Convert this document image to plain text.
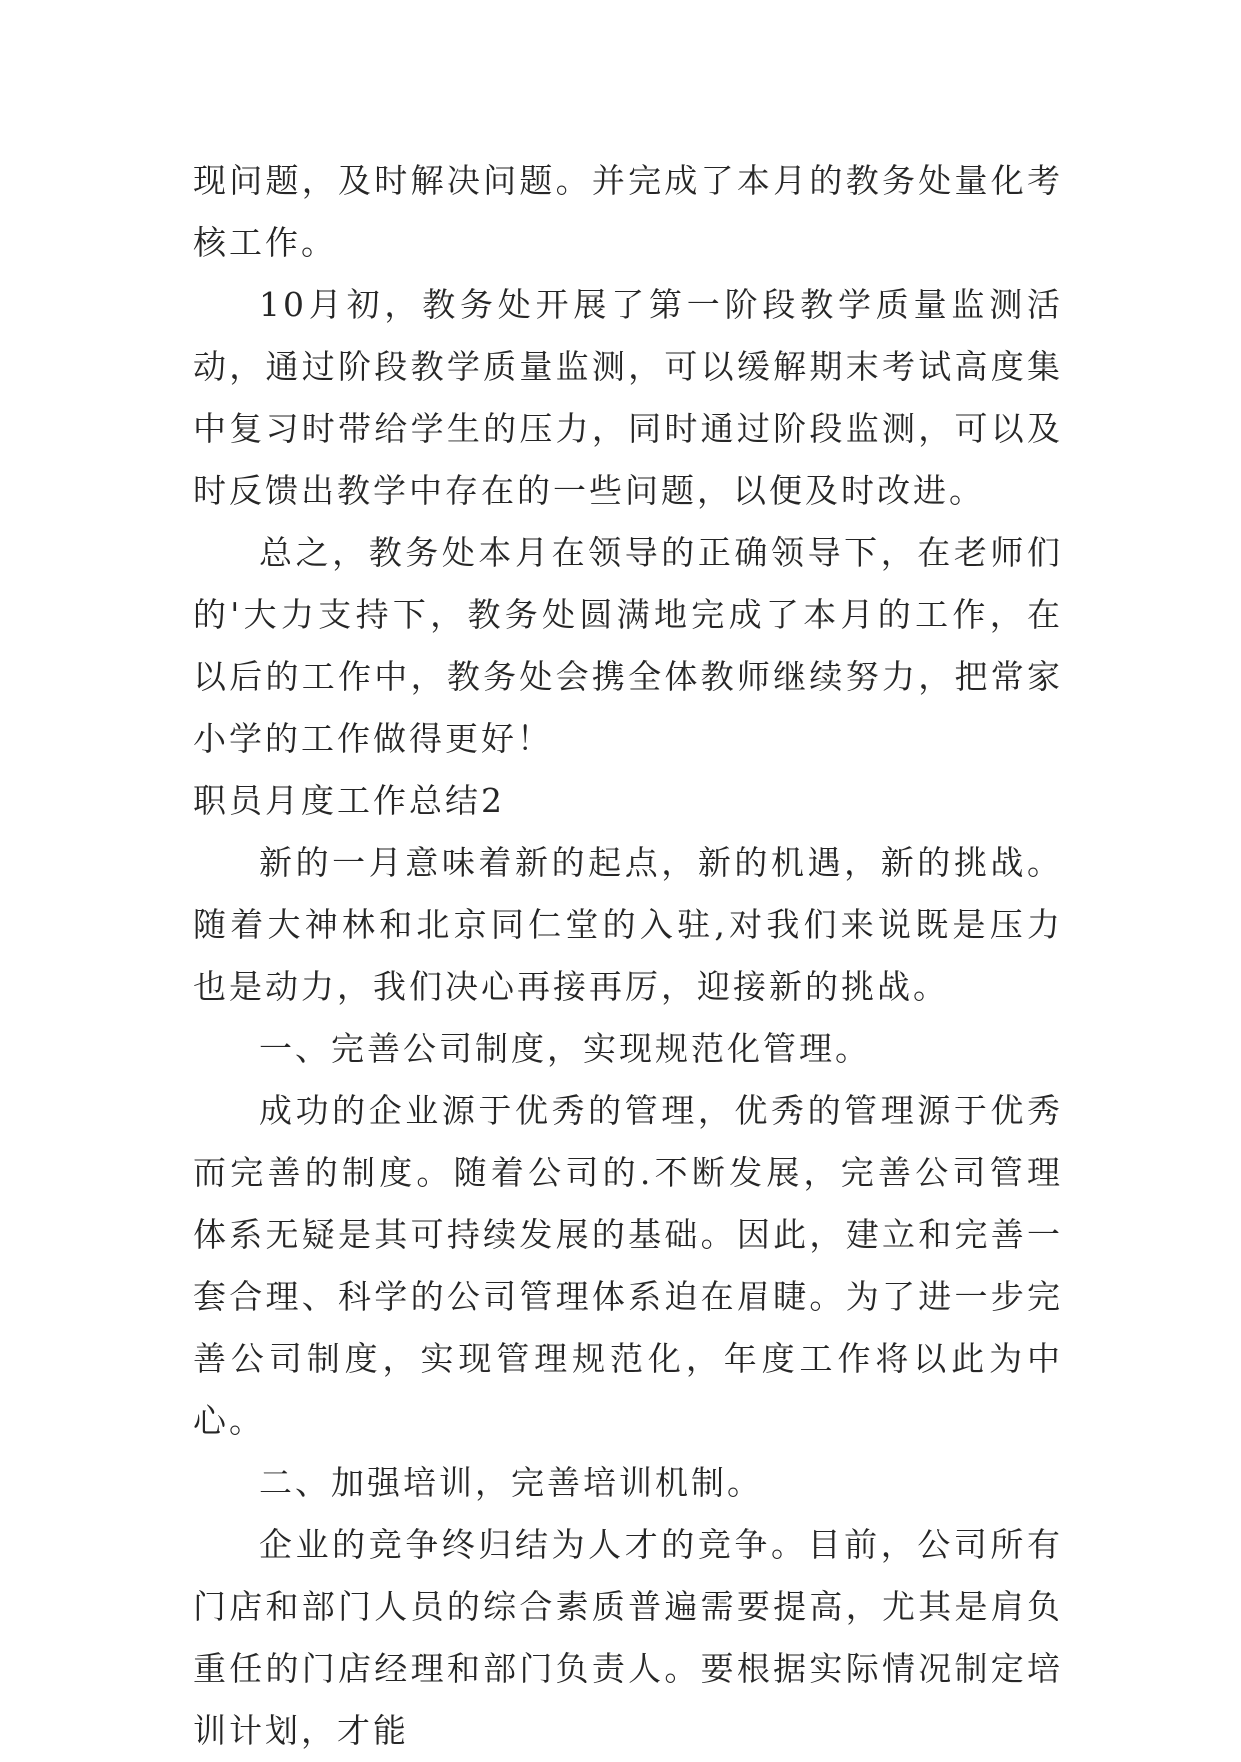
现问题，及时解决问题。并完成了本月的教务处量化考核工作。

10月初，教务处开展了第一阶段教学质量监测活动，通过阶段教学质量监测，可以缓解期末考试高度集中复习时带给学生的压力，同时通过阶段监测，可以及时反馈出教学中存在的一些问题，以便及时改进。

总之，教务处本月在领导的正确领导下，在老师们的'大力支持下，教务处圆满地完成了本月的工作，在以后的工作中，教务处会携全体教师继续努力，把常家小学的工作做得更好！

职员月度工作总结2

新的一月意味着新的起点，新的机遇，新的挑战。随着大神林和北京同仁堂的入驻,对我们来说既是压力也是动力，我们决心再接再厉，迎接新的挑战。

一、完善公司制度，实现规范化管理。

成功的企业源于优秀的管理，优秀的管理源于优秀而完善的制度。随着公司的.不断发展，完善公司管理体系无疑是其可持续发展的基础。因此，建立和完善一套合理、科学的公司管理体系迫在眉睫。为了进一步完善公司制度，实现管理规范化，年度工作将以此为中心。

二、加强培训，完善培训机制。

企业的竞争终归结为人才的竞争。目前，公司所有门店和部门人员的综合素质普遍需要提高，尤其是肩负重任的门店经理和部门负责人。要根据实际情况制定培训计划，才能
